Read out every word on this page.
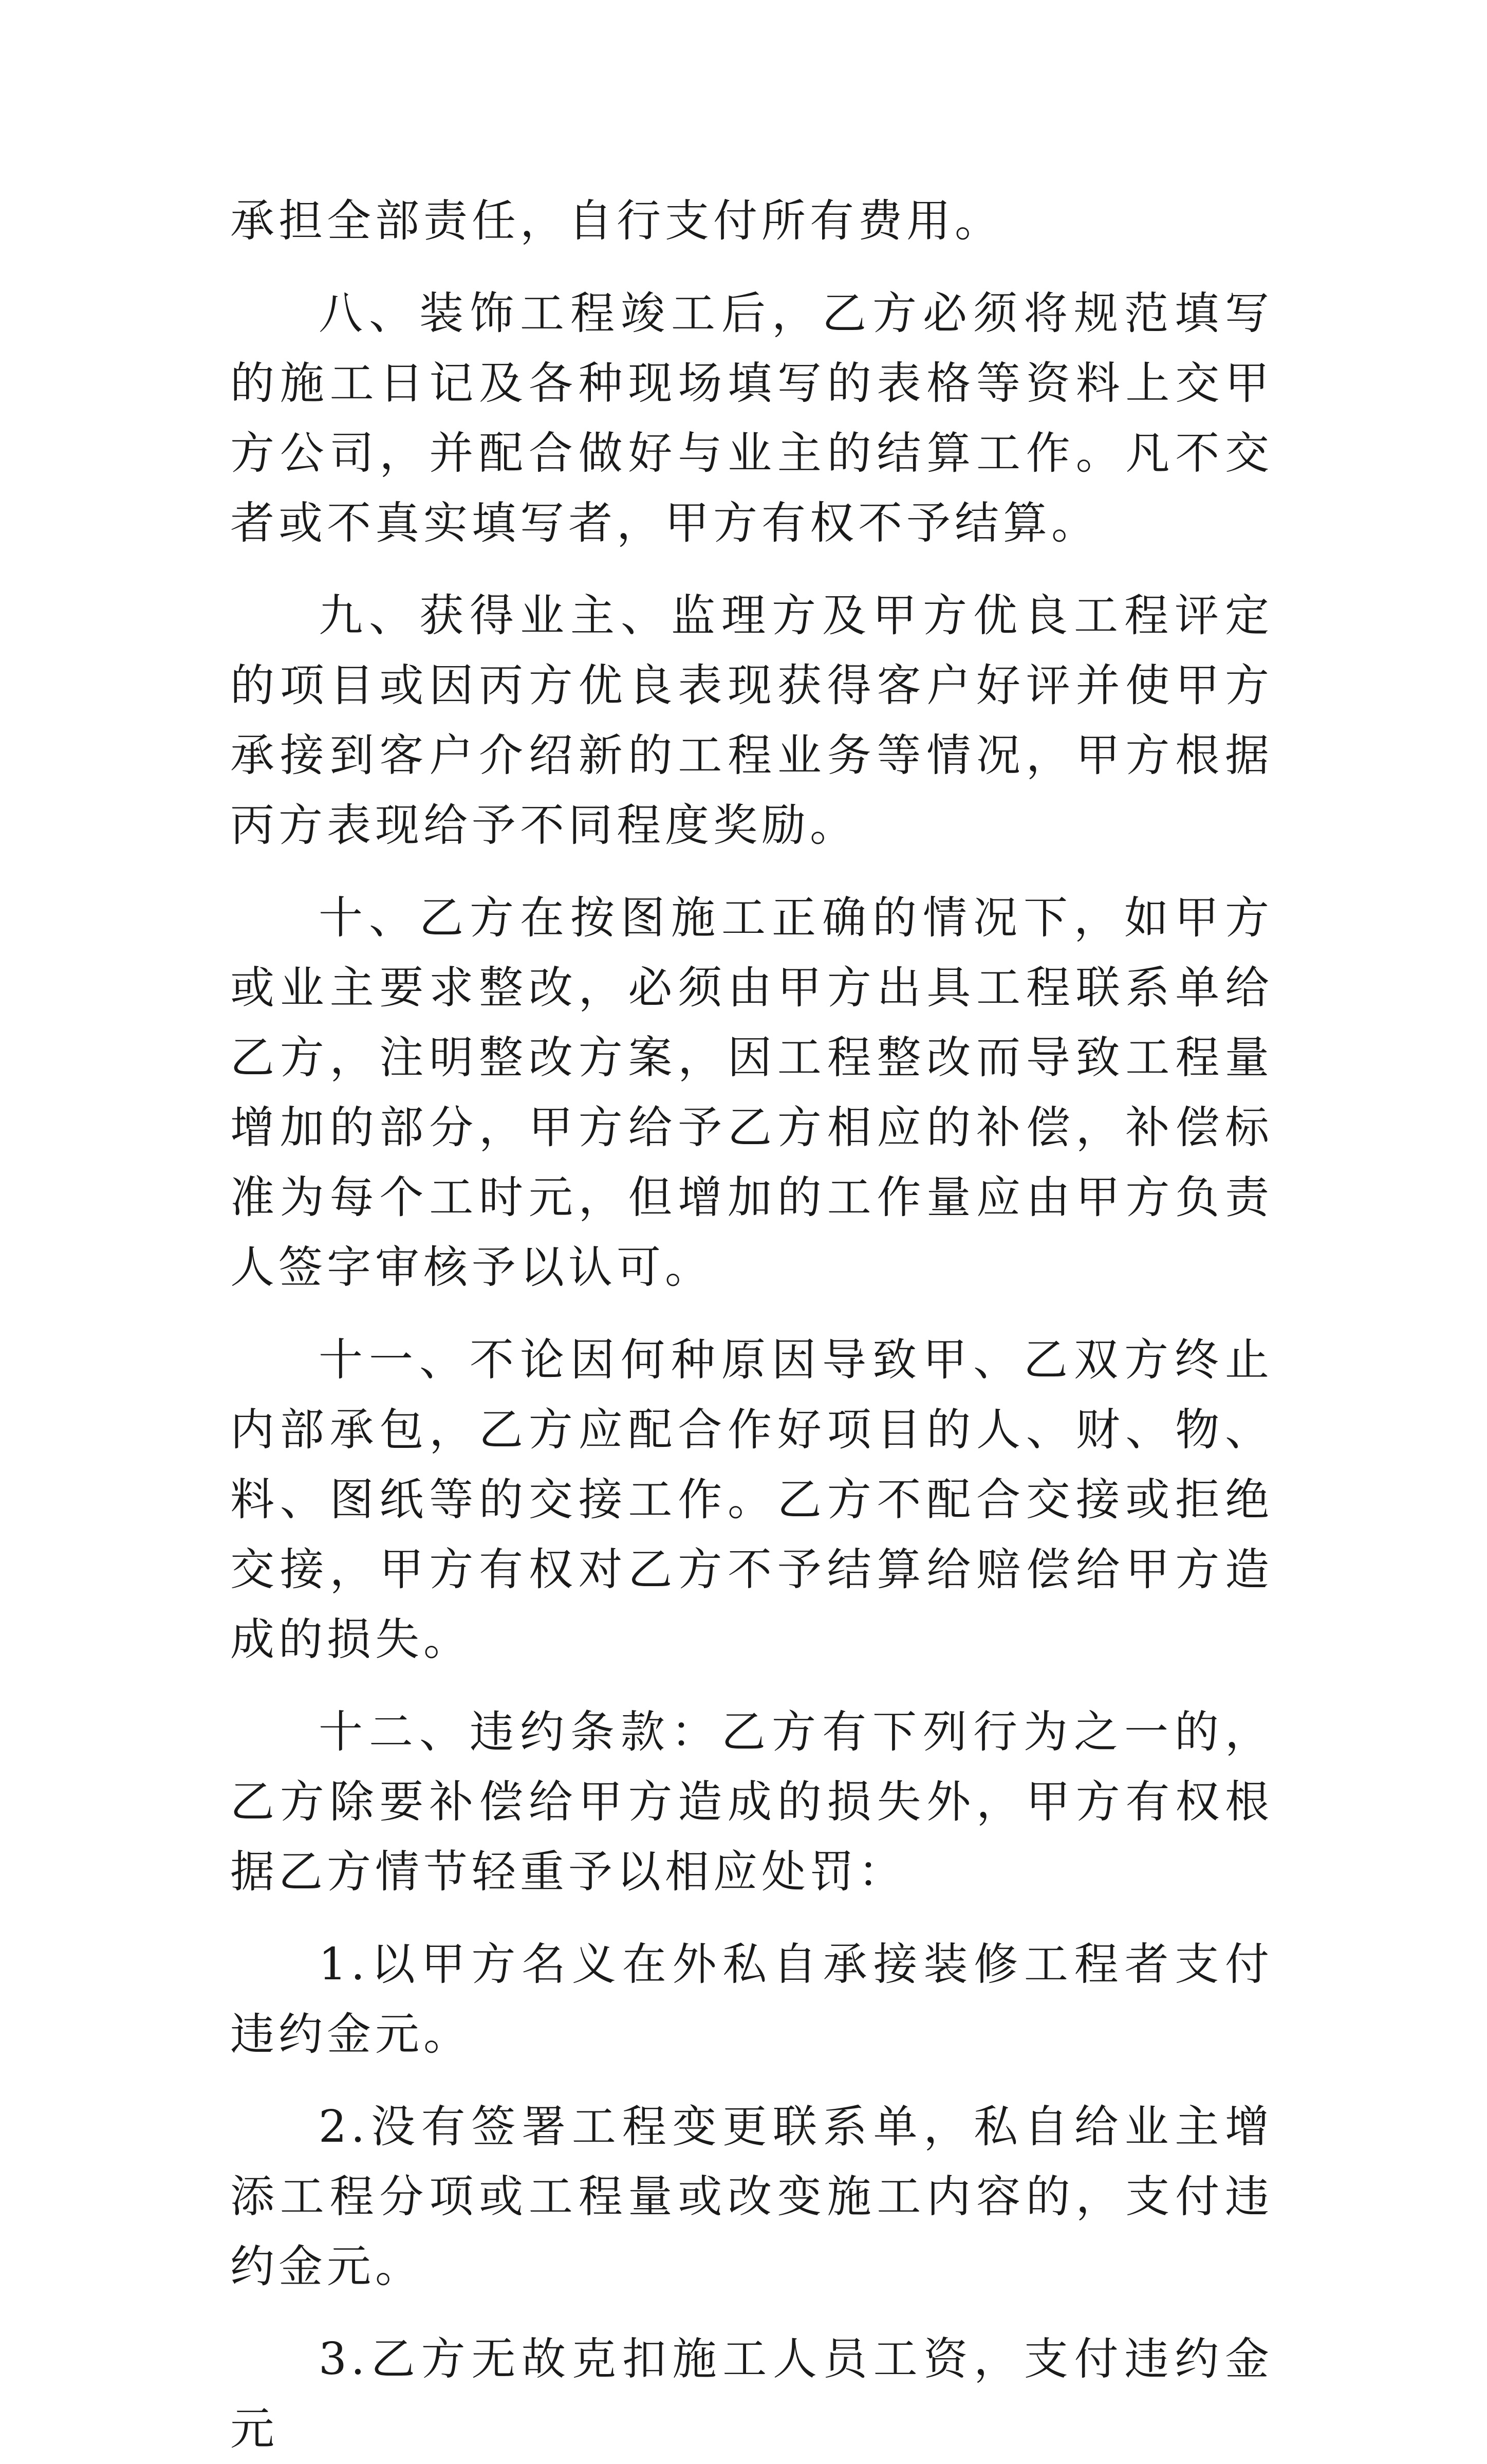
承担全部责任，自行支付所有费用。

八、装饰工程竣工后，乙方必须将规范填写的施工日记及各种现场填写的表格等资料上交甲方公司，并配合做好与业主的结算工作。凡不交者或不真实填写者，甲方有权不予结算。

九、获得业主、监理方及甲方优良工程评定的项目或因丙方优良表现获得客户好评并使甲方承接到客户介绍新的工程业务等情况，甲方根据丙方表现给予不同程度奖励。

十、乙方在按图施工正确的情况下，如甲方或业主要求整改，必须由甲方出具工程联系单给乙方，注明整改方案，因工程整改而导致工程量增加的部分，甲方给予乙方相应的补偿，补偿标准为每个工时元，但增加的工作量应由甲方负责人签字审核予以认可。

十一、不论因何种原因导致甲、乙双方终止内部承包，乙方应配合作好项目的人、财、物、料、图纸等的交接工作。乙方不配合交接或拒绝交接，甲方有权对乙方不予结算给赔偿给甲方造成的损失。

十二、违约条款：乙方有下列行为之一的，乙方除要补偿给甲方造成的损失外，甲方有权根据乙方情节轻重予以相应处罚：

1.以甲方名义在外私自承接装修工程者支付违约金元。

2.没有签署工程变更联系单，私自给业主增添工程分项或工程量或改变施工内容的，支付违约金元。

3.乙方无故克扣施工人员工资，支付违约金元
